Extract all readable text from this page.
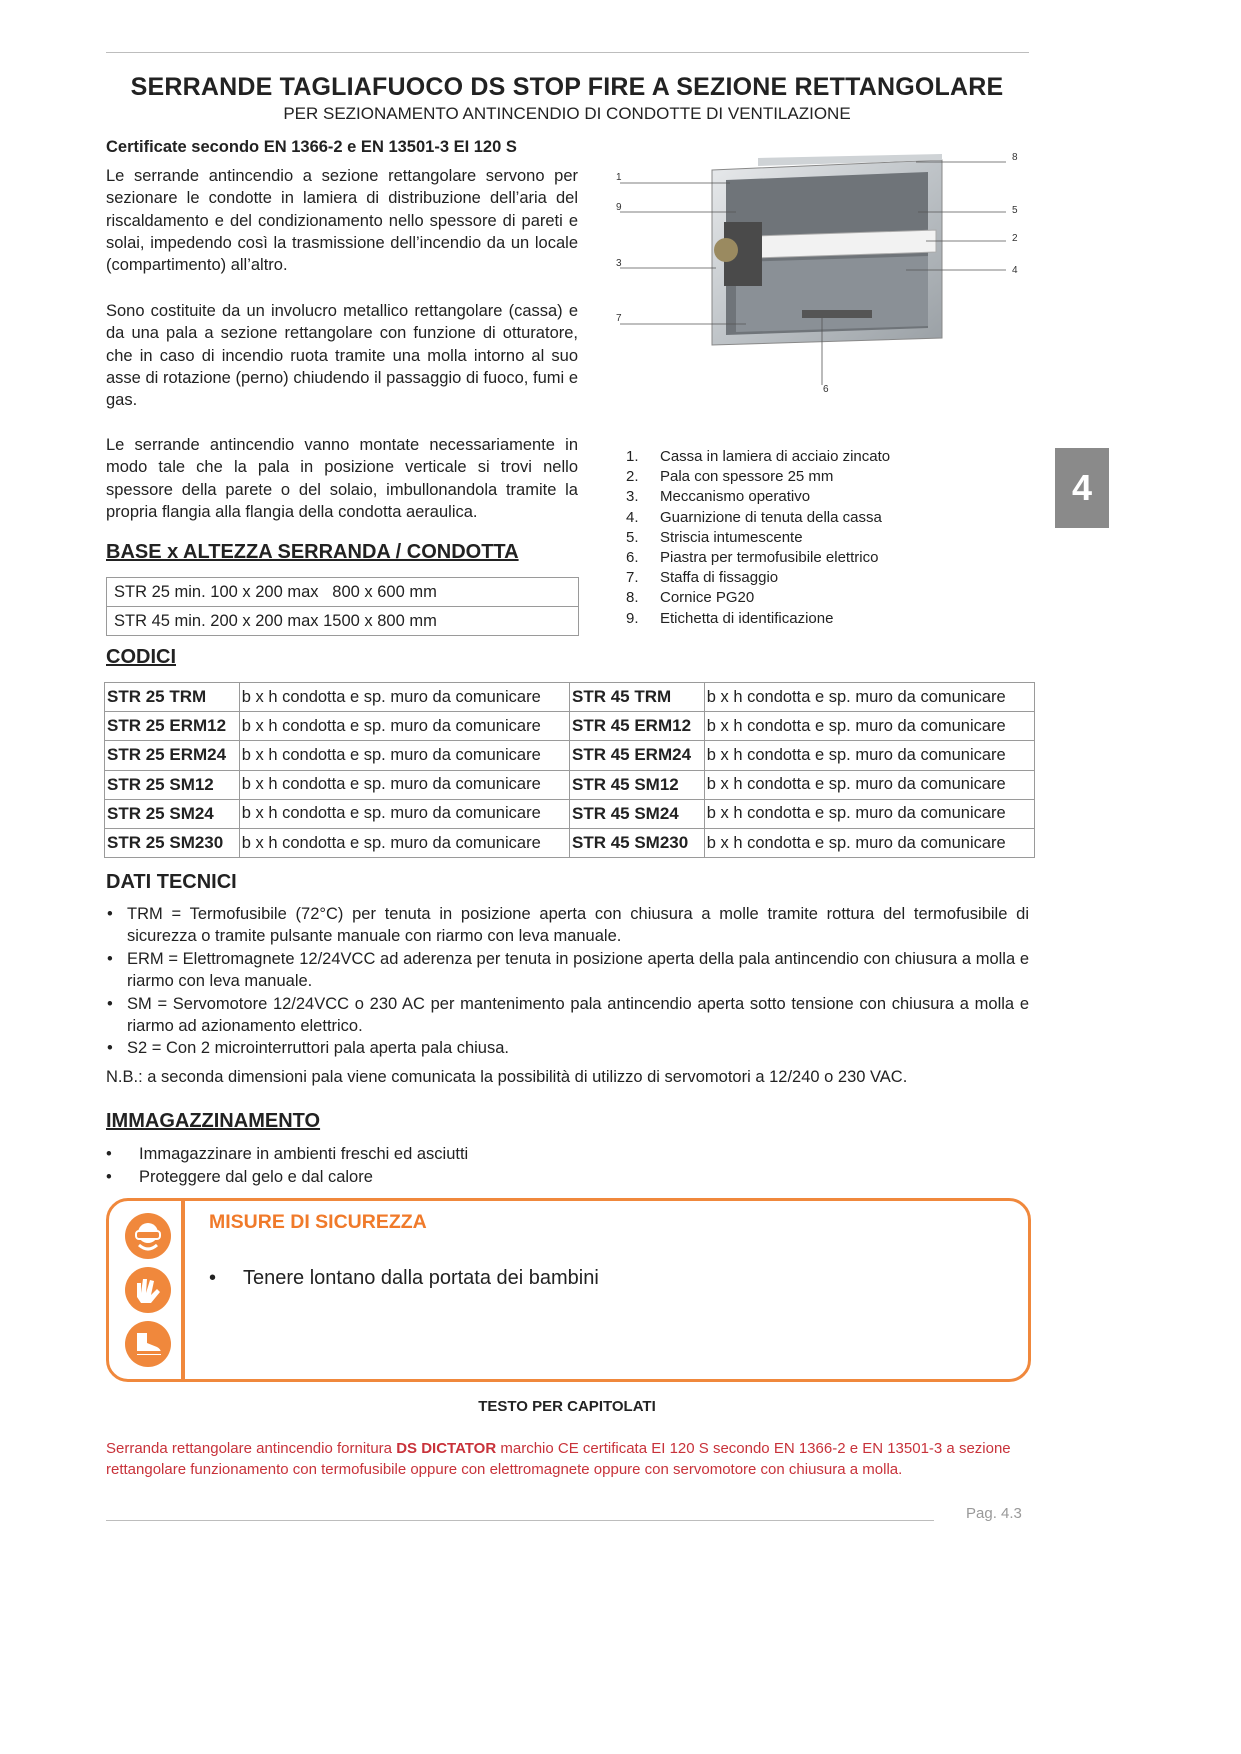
SERRANDE TAGLIAFUOCO DS STOP FIRE A SEZIONE RETTANGOLARE
PER SEZIONAMENTO ANTINCENDIO DI CONDOTTE DI VENTILAZIONE
Certificate secondo EN 1366-2 e EN 13501-3 EI 120 S
Le serrande antincendio a sezione rettangolare servono per sezionare le condotte in lamiera di distribuzione dell’aria del riscaldamento e del condizionamento nello spessore di pareti e solai, impedendo così la trasmissione dell’incendio da un locale (compartimento) all’altro.
Sono costituite da un involucro metallico rettangolare (cassa) e da una pala a sezione rettangolare con funzione di otturatore, che in caso di incendio ruota tramite una molla intorno al suo asse di rotazione (perno) chiudendo il passaggio di fuoco, fumi e gas.
Le serrande antincendio vanno montate necessariamente in modo tale che la pala in posizione verticale si trovi nello spessore della parete o del solaio, imbullonandola tramite la propria flangia alla flangia della condotta aeraulica.
1
9
3
7
8
5
2
4
6
1. Cassa in lamiera di acciaio zincato
2. Pala con spessore 25 mm
3. Meccanismo operativo
4. Guarnizione di tenuta della cassa
5. Striscia intumescente
6. Piastra per termofusibile elettrico
7. Staffa di fissaggio
8. Cornice PG20
9. Etichetta di identificazione
4
BASE x ALTEZZA SERRANDA / CONDOTTA
STR 25 min. 100 x 200 max   800 x 600 mm
STR 45 min. 200 x 200 max 1500 x 800 mm
CODICI
STR 25 TRM	b x h condotta e sp. muro da comunicare	STR 45 TRM	b x h condotta e sp. muro da comunicare
STR 25 ERM12	b x h condotta e sp. muro da comunicare	STR 45 ERM12	b x h condotta e sp. muro da comunicare
STR 25 ERM24	b x h condotta e sp. muro da comunicare	STR 45 ERM24	b x h condotta e sp. muro da comunicare
STR 25 SM12	b x h condotta e sp. muro da comunicare	STR 45 SM12	b x h condotta e sp. muro da comunicare
STR 25 SM24	b x h condotta e sp. muro da comunicare	STR 45 SM24	b x h condotta e sp. muro da comunicare
STR 25 SM230	b x h condotta e sp. muro da comunicare	STR 45 SM230	b x h condotta e sp. muro da comunicare
DATI TECNICI
• TRM = Termofusibile (72°C) per tenuta in posizione aperta con chiusura a molle tramite rottura del termofusibile di sicurezza o tramite pulsante manuale con riarmo con leva manuale.
• ERM = Elettromagnete 12/24VCC ad aderenza per tenuta in posizione aperta della pala antincendio con chiusura a molla e riarmo con leva manuale.
• SM = Servomotore 12/24VCC o 230 AC per mantenimento pala antincendio aperta sotto tensione con chiusura a molla e riarmo ad azionamento elettrico.
• S2 = Con 2 microinterruttori pala aperta pala chiusa.
N.B.: a seconda dimensioni pala viene comunicata la possibilità di utilizzo di servomotori a 12/240 o 230 VAC.
IMMAGAZZINAMENTO
• Immagazzinare in ambienti freschi ed asciutti
• Proteggere dal gelo e dal calore
MISURE DI SICUREZZA
• Tenere lontano dalla portata dei bambini
TESTO PER CAPITOLATI
Serranda rettangolare antincendio fornitura DS DICTATOR marchio CE certificata EI 120 S secondo EN 1366-2 e EN 13501-3 a sezione rettangolare funzionamento con termofusibile oppure con elettromagnete oppure con servomotore con chiusura a molla.
Pag. 4.3
